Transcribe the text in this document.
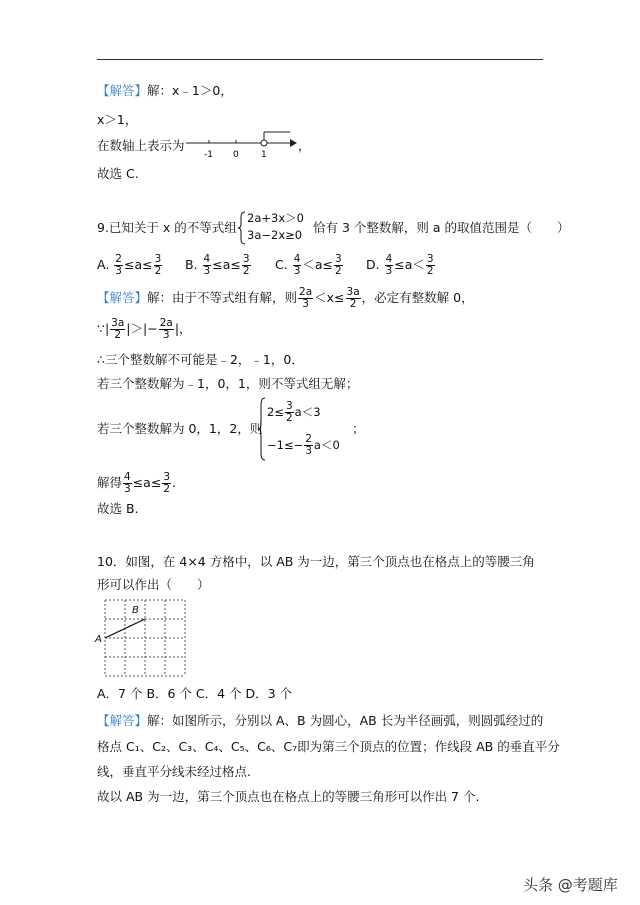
【解答】解：x﹣1＞0，
x＞1，
在数轴上表示为
-1 0 1
，
故选 C.
9.已知关于 x 的不等式组
2a+3x＞0
3a−2x≥0 恰有 3 个整数解，则 a 的取值范围是（　　）
A. $\frac{2}{3} \le a\le \frac{3}{2} B$. $\frac{4}{3} \le a\le \frac{3}{2} C$. $\frac{4}{3} <a\le \frac{3}{2} D$. $\frac{4}{3} \le a< \frac{3}{2}$
【解答】解：由于不等式组有解，则 $\frac{2a}{3} <x\le \frac{3a}{2}$ ，必定有整数解 0，
∵| $\frac{3a}{2}$ |＞|− $\frac{2a}{3}$ |，
∴三个整数解不可能是﹣2，﹣1，0．
若三个整数解为﹣1，0，1，则不等式组无解；
若三个整数解为 0，1，2，则
$2\le \frac{3}{2} a<3$
$-1\le- \frac{2}{3} a<0$
；
解得 $\frac{4}{3} \le a\le \frac{3}{2}$ .
故选 B.
10．如图，在 4×4 方格中，以 AB 为一边，第三个顶点也在格点上的等腰三角
形可以作出（　　）
A
B
A．7 个 B．6 个 C．4 个 D．3 个
【解答】解：如图所示，分别以 A、B 为圆心，AB 长为半径画弧，则圆弧经过的
格点 C₁、C₂、C₃、C₄、C₅、C₆、C₇即为第三个顶点的位置；作线段 AB 的垂直平分
线，垂直平分线未经过格点.
故以 AB 为一边，第三个顶点也在格点上的等腰三角形可以作出 7 个.
头条 @考题库
